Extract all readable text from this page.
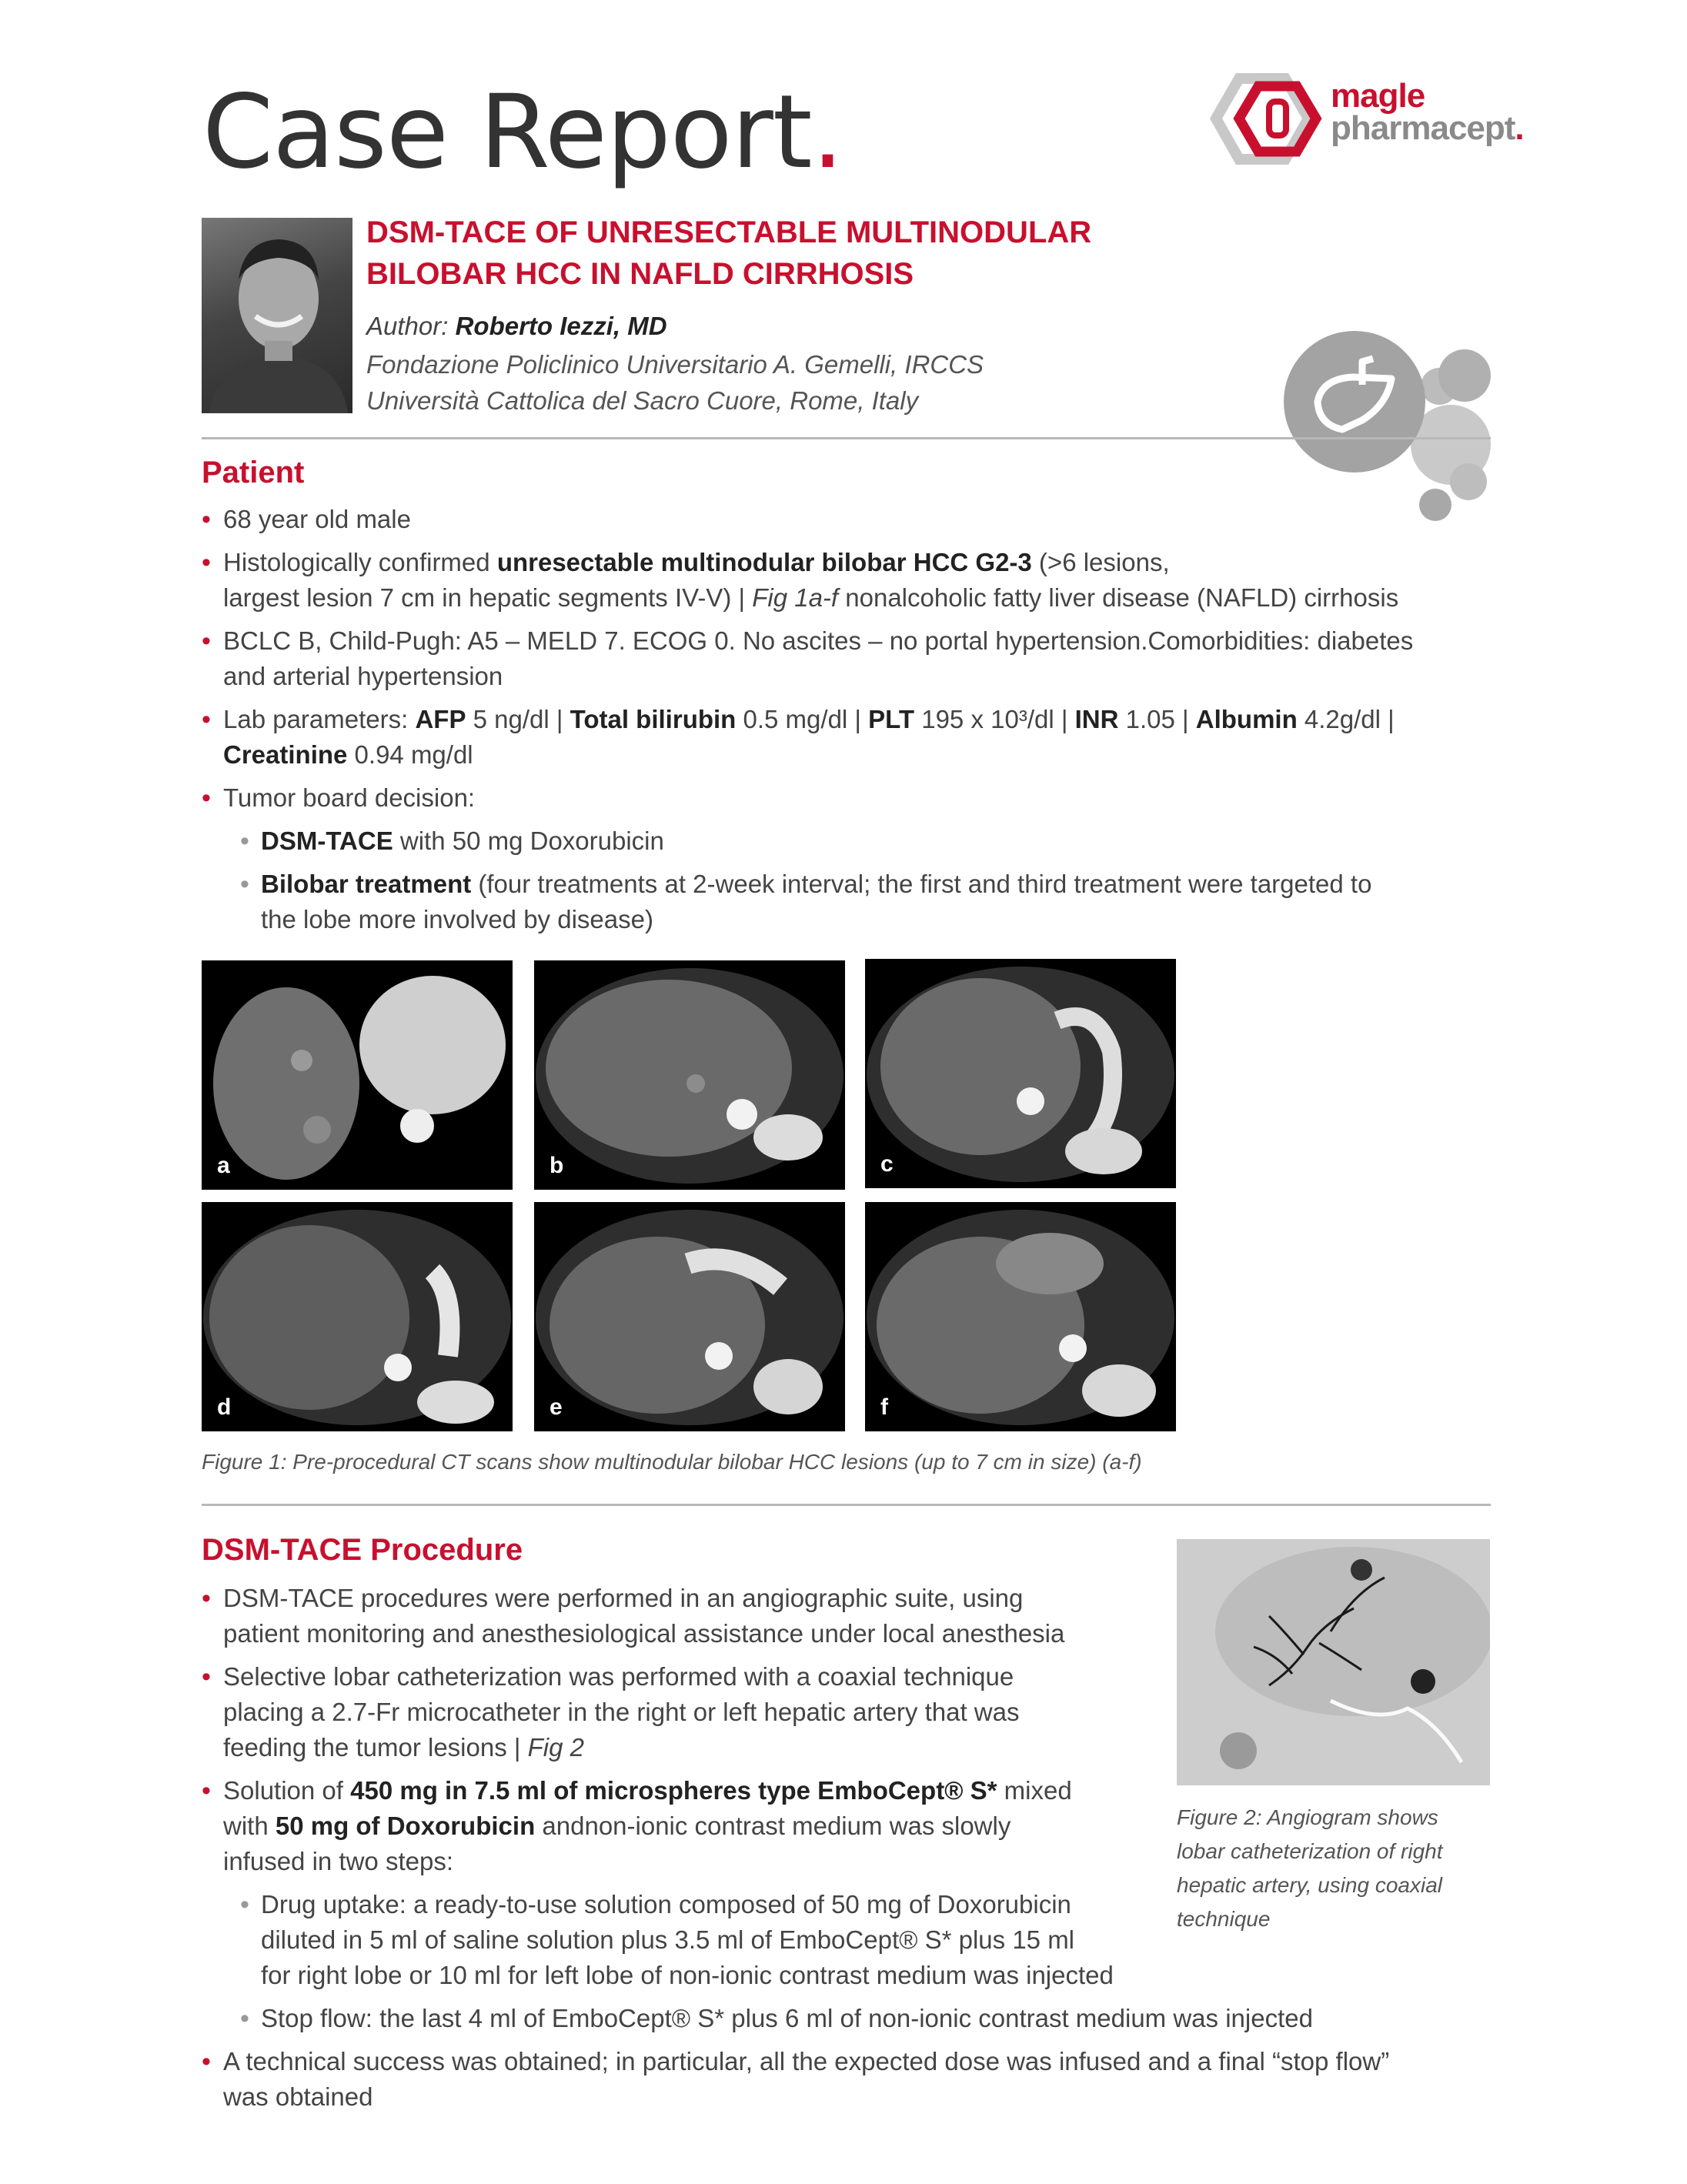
Case Report.	magle
pharmacept.
DSM-TACE OF UNRESECTABLE MULTINODULAR
BILOBAR HCC IN NAFLD CIRRHOSIS
Author: Roberto Iezzi, MD
Fondazione Policlinico Universitario A. Gemelli, IRCCS
Università Cattolica del Sacro Cuore, Rome, Italy
Patient
• 68 year old male
• Histologically confirmed unresectable multinodular bilobar HCC G2-3 (>6 lesions,
largest lesion 7 cm in hepatic segments IV-V) | Fig 1a-f nonalcoholic fatty liver disease (NAFLD) cirrhosis
• BCLC B, Child-Pugh: A5 – MELD 7. ECOG 0. No ascites – no portal hypertension.Comorbidities: diabetes
and arterial hypertension
• Lab parameters: AFP 5 ng/dl | Total bilirubin 0.5 mg/dl | PLT 195 x 10³/dl | INR 1.05 | Albumin 4.2g/dl |
Creatinine 0.94 mg/dl
• Tumor board decision:
• DSM-TACE with 50 mg Doxorubicin
• Bilobar treatment (four treatments at 2-week interval; the first and third treatment were targeted to
the lobe more involved by disease)
a	b	c
d	e	f
Figure 1: Pre-procedural CT scans show multinodular bilobar HCC lesions (up to 7 cm in size) (a-f)
DSM-TACE Procedure
• DSM-TACE procedures were performed in an angiographic suite, using
patient monitoring and anesthesiological assistance under local anesthesia
• Selective lobar catheterization was performed with a coaxial technique
placing a 2.7-Fr microcatheter in the right or left hepatic artery that was
feeding the tumor lesions | Fig 2
• Solution of 450 mg in 7.5 ml of microspheres type EmboCept® S* mixed
with 50 mg of Doxorubicin andnon-ionic contrast medium was slowly
infused in two steps:
• Drug uptake: a ready-to-use solution composed of 50 mg of Doxorubicin
diluted in 5 ml of saline solution plus 3.5 ml of EmboCept® S* plus 15 ml
for right lobe or 10 ml for left lobe of non-ionic contrast medium was injected
• Stop flow: the last 4 ml of EmboCept® S* plus 6 ml of non-ionic contrast medium was injected
• A technical success was obtained; in particular, all the expected dose was infused and a final “stop flow”
was obtained
Figure 2: Angiogram shows
lobar catheterization of right
hepatic artery, using coaxial
technique
